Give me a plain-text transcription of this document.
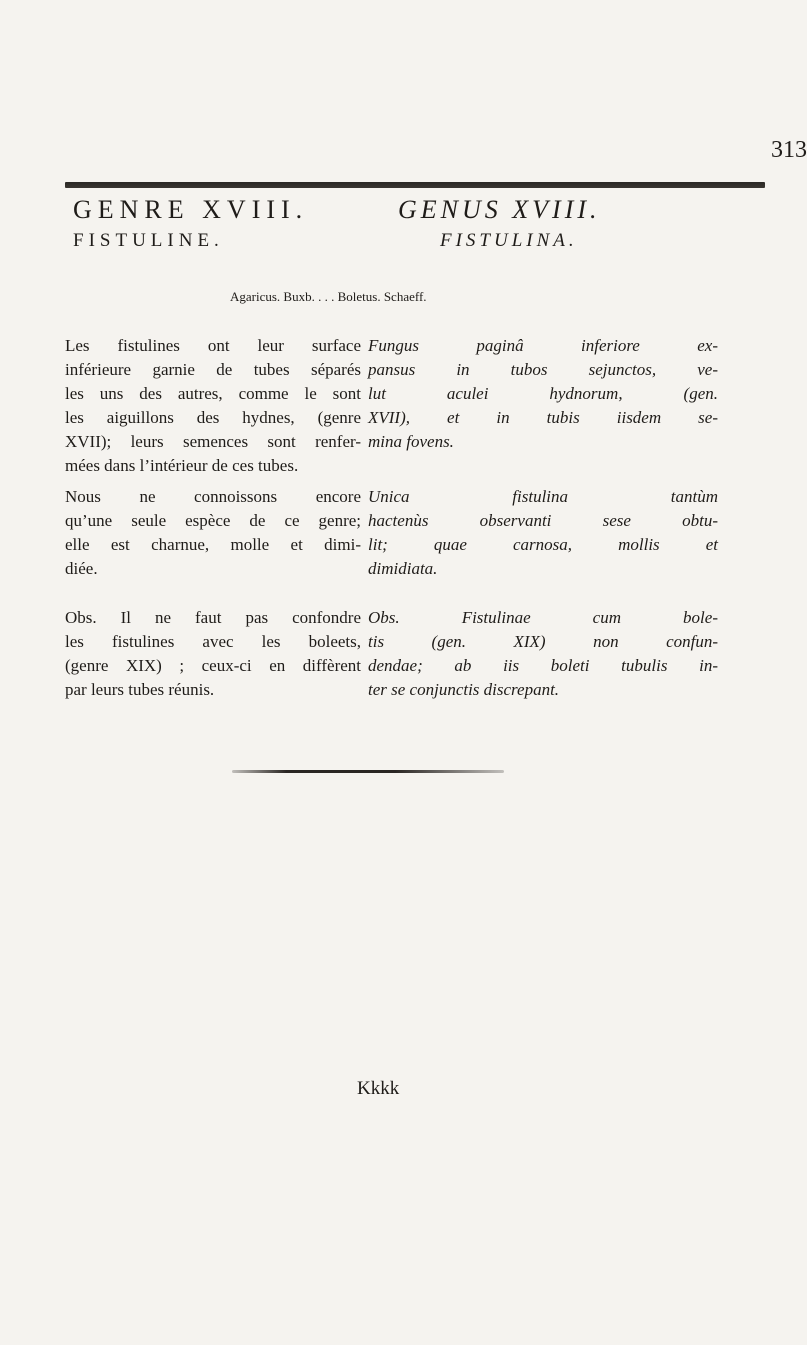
313
GENRE XVIII.	GENUS XVIII.
FISTULINE.	FISTULINA.
Agaricus. Buxb. . . . Boletus. Schaeff.
Les fistulines ont leur surface
inférieure garnie de tubes séparés
les uns des autres, comme le sont
les aiguillons des hydnes, (genre
XVII); leurs semences sont renfer-
mées dans l’intérieur de ces tubes.
Fungus paginâ inferiore ex-
pansus in tubos sejunctos, ve-
lut aculei hydnorum, (gen.
XVII), et in tubis iisdem se-
mina fovens.
Nous ne connoissons encore
qu’une seule espèce de ce genre;
elle est charnue, molle et dimi-
diée.
Unica fistulina tantùm
hactenùs observanti sese obtu-
lit; quae carnosa, mollis et
dimidiata.
Obs. Il ne faut pas confondre
les fistulines avec les boleets,
(genre XIX) ; ceux-ci en diffèrent
par leurs tubes réunis.
Obs. Fistulinae cum bole-
tis (gen. XIX) non confun-
dendae; ab iis boleti tubulis in-
ter se conjunctis discrepant.
Kkkk
